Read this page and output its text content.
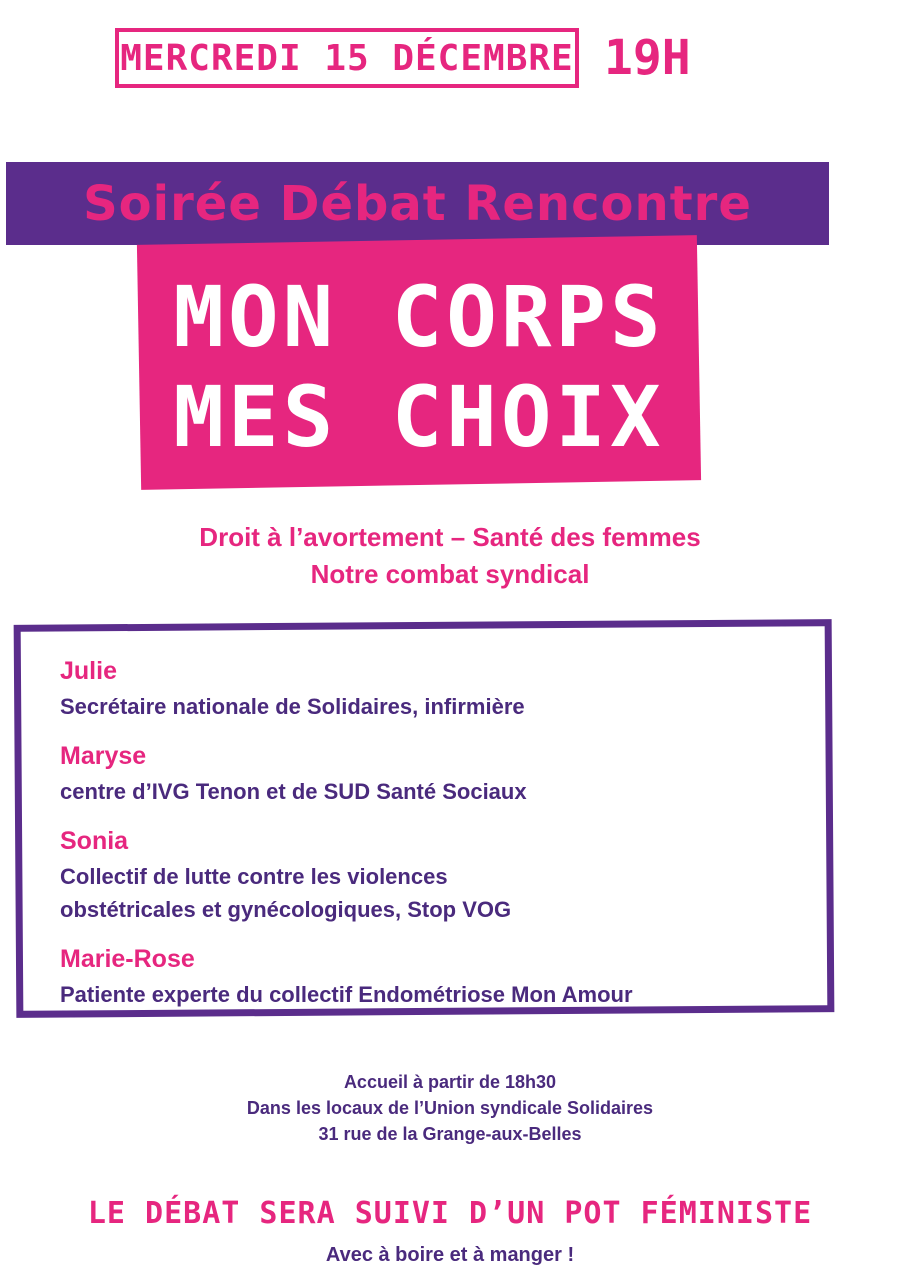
MERCREDI 15 DÉCEMBRE 19H
Soirée Débat Rencontre
MON CORPS
MES CHOIX
Droit à l’avortement – Santé des femmes
Notre combat syndical
Julie
Secrétaire nationale de Solidaires, infirmière
Maryse
centre d’IVG Tenon et de SUD Santé Sociaux
Sonia
Collectif de lutte contre les violences
obstétricales et gynécologiques, Stop VOG
Marie-Rose
Patiente experte du collectif Endométriose Mon Amour
Accueil à partir de 18h30
Dans les locaux de l’Union syndicale Solidaires
31 rue de la Grange-aux-Belles
LE DÉBAT SERA SUIVI D’UN POT FÉMINISTE
Avec à boire et à manger !
